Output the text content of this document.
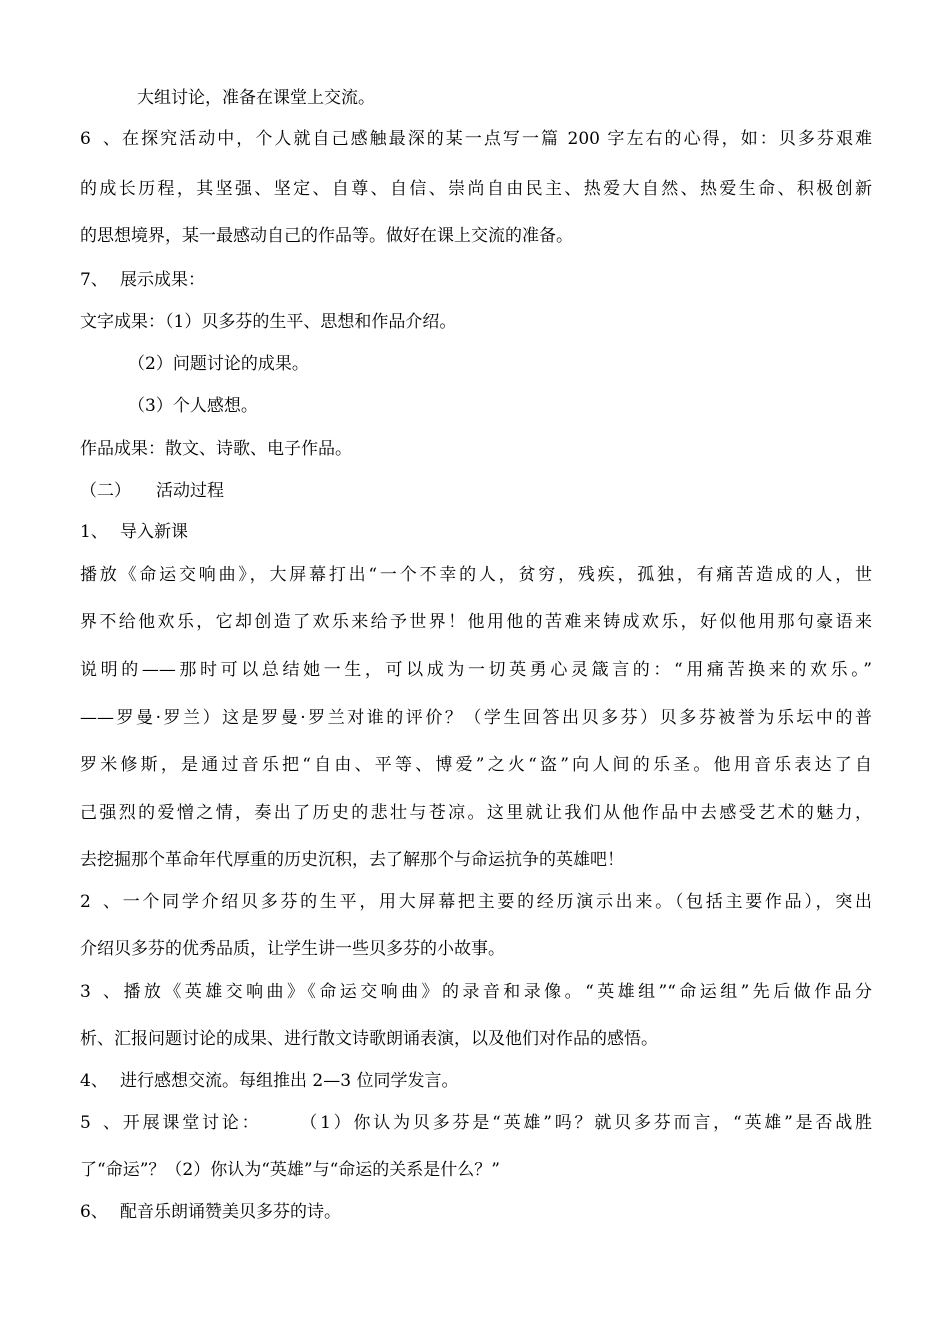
大组讨论，准备在课堂上交流。
6、在探究活动中，个人就自己感触最深的某一点写一篇 200 字左右的心得，如：贝多芬艰难
的成长历程，其坚强、坚定、自尊、自信、崇尚自由民主、热爱大自然、热爱生命、积极创新
的思想境界，某一最感动自己的作品等。做好在课上交流的准备。
7、 展示成果：
文字成果：（1）贝多芬的生平、思想和作品介绍。
（2）问题讨论的成果。
（3）个人感想。
作品成果：散文、诗歌、电子作品。
（二） 活动过程
1、 导入新课
播放《命运交响曲》，大屏幕打出“一个不幸的人，贫穷，残疾，孤独，有痛苦造成的人，世
界不给他欢乐，它却创造了欢乐来给予世界！他用他的苦难来铸成欢乐，好似他用那句豪语来
说明的——那时可以总结她一生，可以成为一切英勇心灵箴言的：“用痛苦换来的欢乐。”
——罗曼·罗兰）这是罗曼·罗兰对谁的评价？（学生回答出贝多芬）贝多芬被誉为乐坛中的普
罗米修斯，是通过音乐把“自由、平等、博爱”之火“盗”向人间的乐圣。他用音乐表达了自
己强烈的爱憎之情，奏出了历史的悲壮与苍凉。这里就让我们从他作品中去感受艺术的魅力，
去挖掘那个革命年代厚重的历史沉积，去了解那个与命运抗争的英雄吧！
2、一个同学介绍贝多芬的生平，用大屏幕把主要的经历演示出来。（包括主要作品），突出
介绍贝多芬的优秀品质，让学生讲一些贝多芬的小故事。
3、播放《英雄交响曲》《命运交响曲》的录音和录像。“英雄组”“命运组”先后做作品分
析、汇报问题讨论的成果、进行散文诗歌朗诵表演，以及他们对作品的感悟。
4、 进行感想交流。每组推出 2—3 位同学发言。
5、开展课堂讨论： （1）你认为贝多芬是“英雄”吗？就贝多芬而言，“英雄”是否战胜
了“命运”？（2）你认为“英雄”与“命运的关系是什么？”
6、 配音乐朗诵赞美贝多芬的诗。
